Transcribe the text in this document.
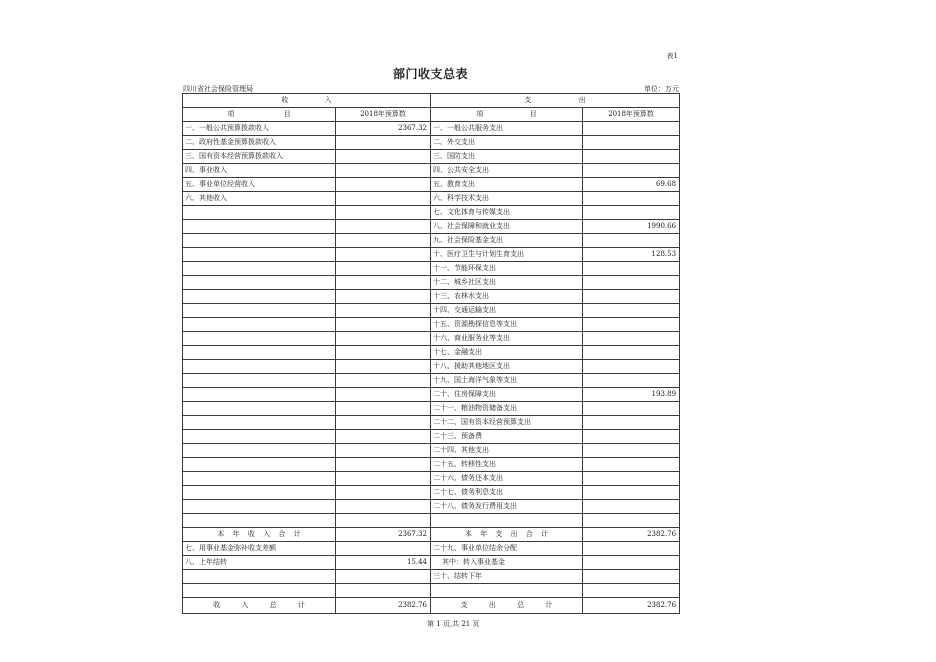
表1
部门收支总表
四川省社会保险管理局	单位：万元
收 入		支 出	
项 目	2018年预算数	项 目	2018年预算数
一、一般公共预算拨款收入	2367.32	一、一般公共服务支出	
二、政府性基金预算拨款收入		二、外交支出	
三、国有资本经营预算拨款收入		三、国防支出	
四、事业收入		四、公共安全支出	
五、事业单位经营收入		五、教育支出	69.68
六、其他收入		六、科学技术支出	
		七、文化体育与传媒支出	
		八、社会保障和就业支出	1990.66
		九、社会保险基金支出	
		十、医疗卫生与计划生育支出	128.53
		十一、节能环保支出	
		十二、城乡社区支出	
		十三、农林水支出	
		十四、交通运输支出	
		十五、资源勘探信息等支出	
		十六、商业服务业等支出	
		十七、金融支出	
		十八、援助其他地区支出	
		十九、国土海洋气象等支出	
		二十、住房保障支出	193.89
		二十一、粮油物资储备支出	
		二十二、国有资本经营预算支出	
		二十三、预备费	
		二十四、其他支出	
		二十五、转移性支出	
		二十六、债务还本支出	
		二十七、债务利息支出	
		二十八、债务发行费用支出	

本 年 收 入 合 计	2367.32	本 年 支 出 合 计	2382.76
七、用事业基金弥补收支差额		二十九、事业单位结余分配	
八、上年结转	15.44	其中：转入事业基金	
		三十、结转下年	

收 入 总 计	2382.76	支 出 总 计	2382.76
第 1 页,共 21 页
